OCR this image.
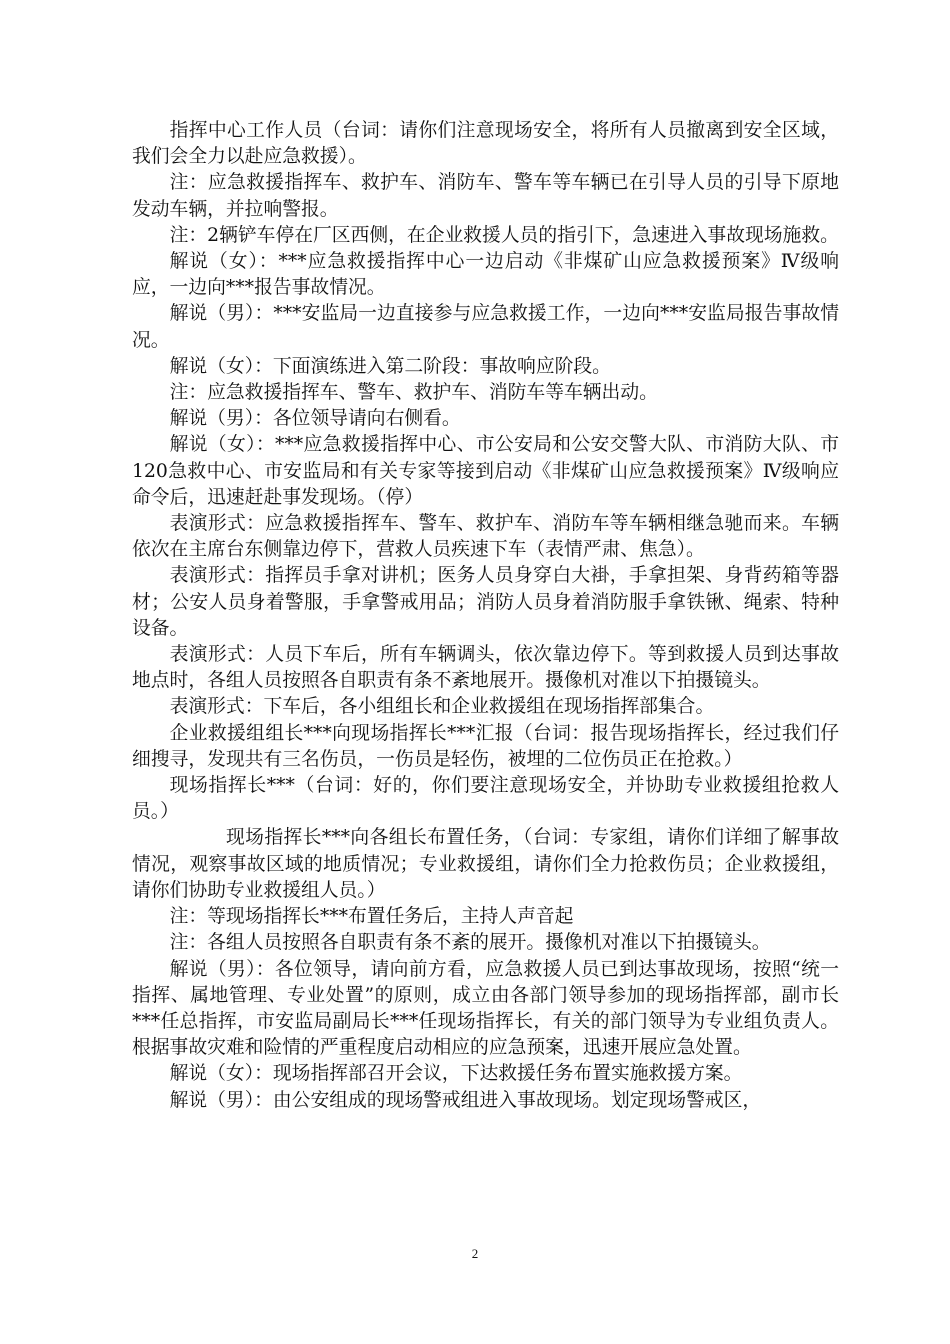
指挥中心工作人员（台词：请你们注意现场安全，将所有人员撤离到安全区域，我们会全力以赴应急救援）。

注：应急救援指挥车、救护车、消防车、警车等车辆已在引导人员的引导下原地发动车辆，并拉响警报。

注：2辆铲车停在厂区西侧，在企业救援人员的指引下，急速进入事故现场施救。

解说（女）：***应急救援指挥中心一边启动《非煤矿山应急救援预案》Ⅳ级响应，一边向***报告事故情况。

解说（男）：***安监局一边直接参与应急救援工作，一边向***安监局报告事故情况。

解说（女）：下面演练进入第二阶段：事故响应阶段。

注：应急救援指挥车、警车、救护车、消防车等车辆出动。

解说（男）：各位领导请向右侧看。

解说（女）：***应急救援指挥中心、市公安局和公安交警大队、市消防大队、市120急救中心、市安监局和有关专家等接到启动《非煤矿山应急救援预案》Ⅳ级响应命令后，迅速赶赴事发现场。（停）

表演形式：应急救援指挥车、警车、救护车、消防车等车辆相继急驰而来。车辆依次在主席台东侧靠边停下，营救人员疾速下车（表情严肃、焦急）。

表演形式：指挥员手拿对讲机；医务人员身穿白大褂，手拿担架、身背药箱等器材；公安人员身着警服，手拿警戒用品；消防人员身着消防服手拿铁锹、绳索、特种设备。

表演形式：人员下车后，所有车辆调头，依次靠边停下。等到救援人员到达事故地点时，各组人员按照各自职责有条不紊地展开。摄像机对准以下拍摄镜头。

表演形式：下车后，各小组组长和企业救援组在现场指挥部集合。

企业救援组组长***向现场指挥长***汇报（台词：报告现场指挥长，经过我们仔细搜寻，发现共有三名伤员，一伤员是轻伤，被埋的二位伤员正在抢救。）

现场指挥长***（台词：好的，你们要注意现场安全，并协助专业救援组抢救人员。）

现场指挥长***向各组长布置任务，（台词：专家组，请你们详细了解事故情况，观察事故区域的地质情况；专业救援组，请你们全力抢救伤员；企业救援组，请你们协助专业救援组人员。）

注：等现场指挥长***布置任务后，主持人声音起

注：各组人员按照各自职责有条不紊的展开。摄像机对准以下拍摄镜头。

解说（男）：各位领导，请向前方看，应急救援人员已到达事故现场，按照“统一指挥、属地管理、专业处置”的原则，成立由各部门领导参加的现场指挥部，副市长***任总指挥，市安监局副局长***任现场指挥长，有关的部门领导为专业组负责人。根据事故灾难和险情的严重程度启动相应的应急预案，迅速开展应急处置。

解说（女）：现场指挥部召开会议，下达救援任务布置实施救援方案。

解说（男）：由公安组成的现场警戒组进入事故现场。划定现场警戒区，

2
